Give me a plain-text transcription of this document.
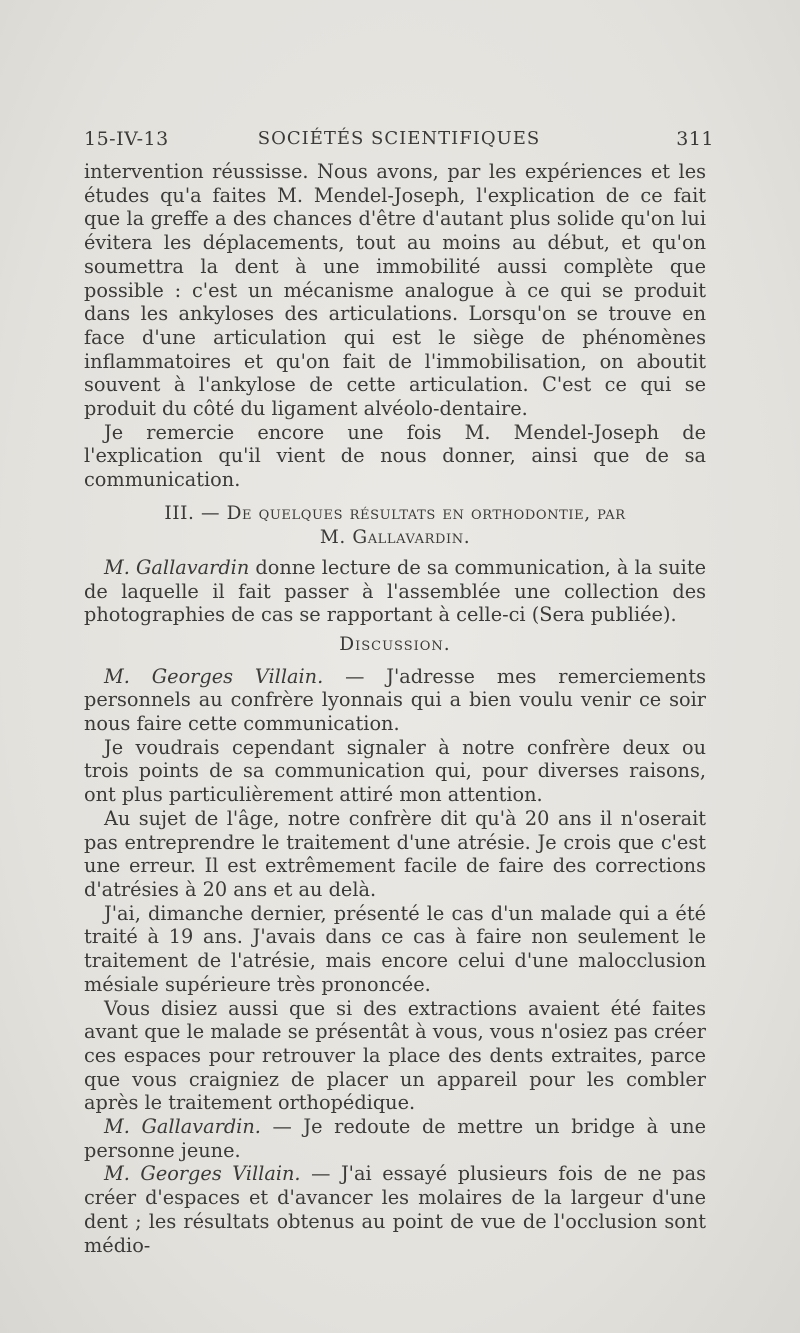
15-IV-13	SOCIÉTÉS SCIENTIFIQUES	311

intervention réussisse. Nous avons, par les expériences et les études qu'a faites M. Mendel-Joseph, l'explication de ce fait que la greffe a des chances d'être d'autant plus solide qu'on lui évitera les déplacements, tout au moins au début, et qu'on soumettra la dent à une immobilité aussi complète que possible : c'est un mécanisme analogue à ce qui se produit dans les ankyloses des articulations. Lorsqu'on se trouve en face d'une articulation qui est le siège de phénomènes inflammatoires et qu'on fait de l'immobilisation, on aboutit souvent à l'ankylose de cette articulation. C'est ce qui se produit du côté du ligament alvéolo-dentaire.

Je remercie encore une fois M. Mendel-Joseph de l'explication qu'il vient de nous donner, ainsi que de sa communication.

III. — De quelques résultats en orthodontie, par
M. Gallavardin.

M. Gallavardin donne lecture de sa communication, à la suite de laquelle il fait passer à l'assemblée une collection des photographies de cas se rapportant à celle-ci (Sera publiée).

Discussion.

M. Georges Villain. — J'adresse mes remerciements personnels au confrère lyonnais qui a bien voulu venir ce soir nous faire cette communication.

Je voudrais cependant signaler à notre confrère deux ou trois points de sa communication qui, pour diverses raisons, ont plus particulièrement attiré mon attention.

Au sujet de l'âge, notre confrère dit qu'à 20 ans il n'oserait pas entreprendre le traitement d'une atrésie. Je crois que c'est une erreur. Il est extrêmement facile de faire des corrections d'atrésies à 20 ans et au delà.

J'ai, dimanche dernier, présenté le cas d'un malade qui a été traité à 19 ans. J'avais dans ce cas à faire non seulement le traitement de l'atrésie, mais encore celui d'une malocclusion mésiale supérieure très prononcée.

Vous disiez aussi que si des extractions avaient été faites avant que le malade se présentât à vous, vous n'osiez pas créer ces espaces pour retrouver la place des dents extraites, parce que vous craigniez de placer un appareil pour les combler après le traitement orthopédique.

M. Gallavardin. — Je redoute de mettre un bridge à une personne jeune.

M. Georges Villain. — J'ai essayé plusieurs fois de ne pas créer d'espaces et d'avancer les molaires de la largeur d'une dent ; les résultats obtenus au point de vue de l'occlusion sont médio-
